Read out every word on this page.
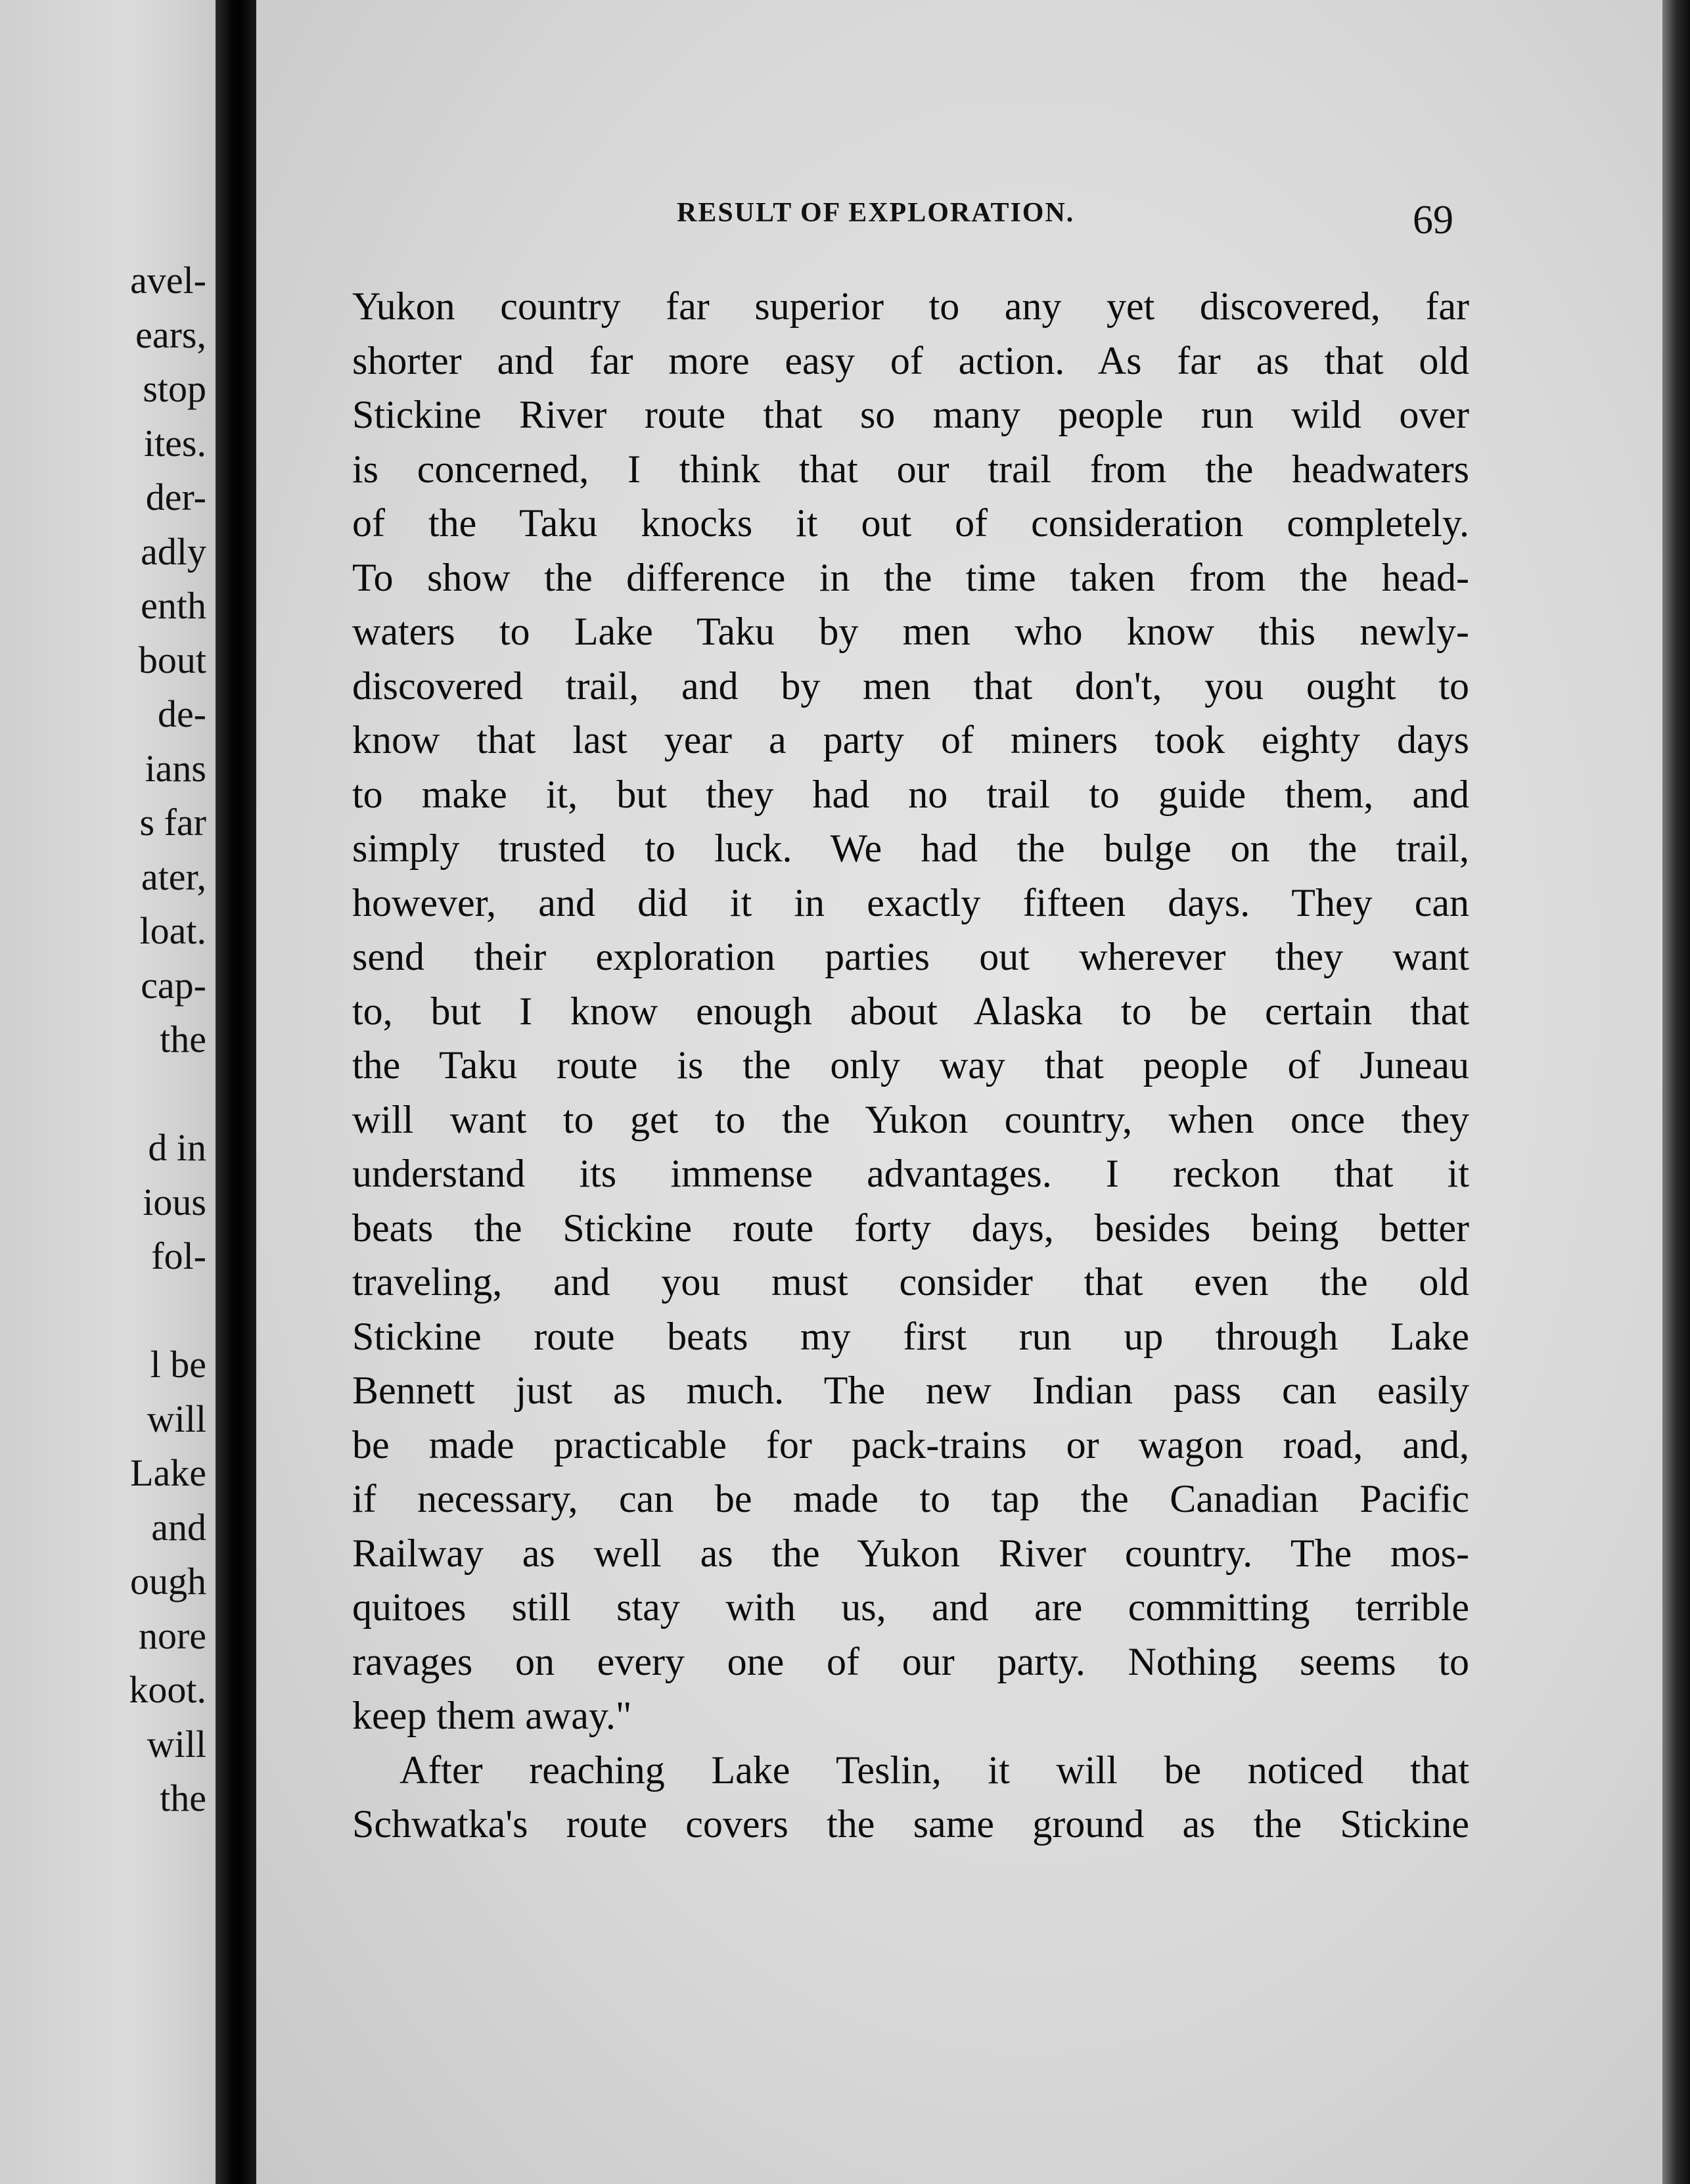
avel-
ears,
stop
ites.
der-
adly
enth
bout
de-
ians
s far
ater,
loat.
cap-
the
d in
ious
fol-
l be
will
Lake
and
ough
nore
koot.
will
the
RESULT OF EXPLORATION.	69
Yukon country far superior to any yet discovered, far
shorter and far more easy of action. As far as that old
Stickine River route that so many people run wild over
is concerned, I think that our trail from the headwaters
of the Taku knocks it out of consideration completely.
To show the difference in the time taken from the head-
waters to Lake Taku by men who know this newly-
discovered trail, and by men that don't, you ought to
know that last year a party of miners took eighty days
to make it, but they had no trail to guide them, and
simply trusted to luck. We had the bulge on the trail,
however, and did it in exactly fifteen days. They can
send their exploration parties out wherever they want
to, but I know enough about Alaska to be certain that
the Taku route is the only way that people of Juneau
will want to get to the Yukon country, when once they
understand its immense advantages. I reckon that it
beats the Stickine route forty days, besides being better
traveling, and you must consider that even the old
Stickine route beats my first run up through Lake
Bennett just as much. The new Indian pass can easily
be made practicable for pack-trains or wagon road, and,
if necessary, can be made to tap the Canadian Pacific
Railway as well as the Yukon River country. The mos-
quitoes still stay with us, and are committing terrible
ravages on every one of our party. Nothing seems to
keep them away."
After reaching Lake Teslin, it will be noticed that
Schwatka's route covers the same ground as the Stickine
